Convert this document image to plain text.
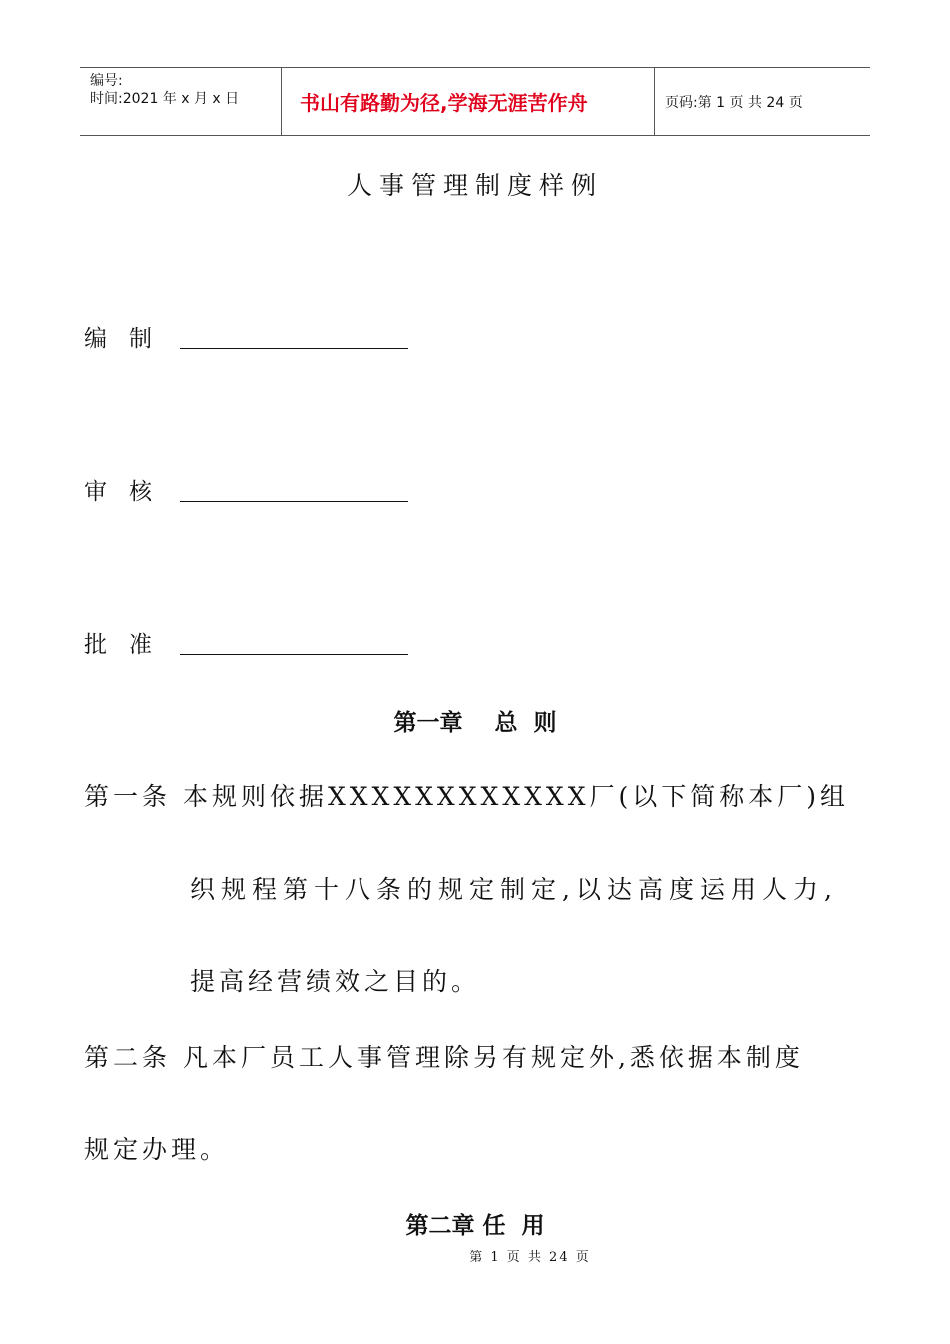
编号:
时间:2021 年 x 月 x 日	书山有路勤为径,学海无涯苦作舟	页码:第 1 页 共 24 页
人事管理制度样例
编制
审核
批准
第一章    总  则
第一条 本规则依据XXXXXXXXXXXX厂(以下简称本厂)组
织规程第十八条的规定制定,以达高度运用人力,
提高经营绩效之目的。
第二条 凡本厂员工人事管理除另有规定外,悉依据本制度
规定办理。
第二章 任  用
第 1 页 共 24 页
